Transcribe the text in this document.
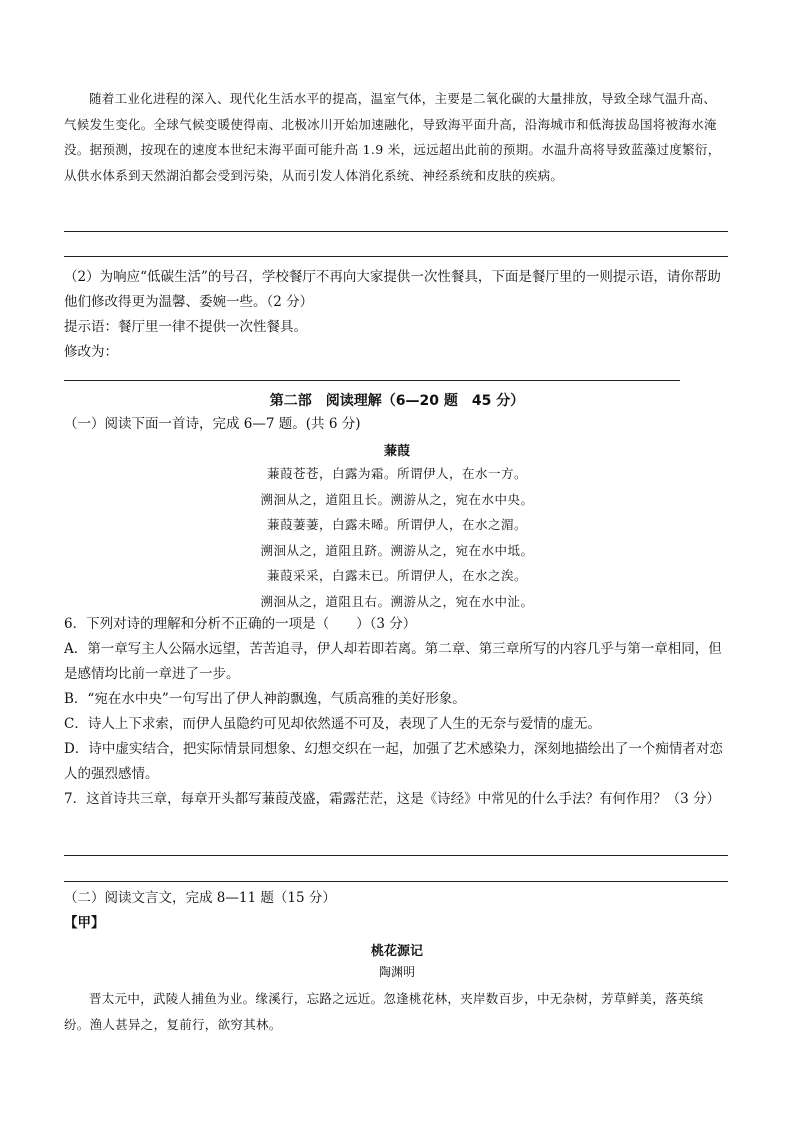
随着工业化进程的深入、现代化生活水平的提高，温室气体，主要是二氧化碳的大量排放，导致全球气温升高、气候发生变化。全球气候变暖使得南、北极冰川开始加速融化，导致海平面升高，沿海城市和低海拔岛国将被海水淹没。据预测，按现在的速度本世纪末海平面可能升高 1.9 米，远远超出此前的预期。水温升高将导致蓝藻过度繁衍，从供水体系到天然湖泊都会受到污染，从而引发人体消化系统、神经系统和皮肤的疾病。
（2）为响应“低碳生活”的号召，学校餐厅不再向大家提供一次性餐具，下面是餐厅里的一则提示语，请你帮助他们修改得更为温馨、委婉一些。（2 分）
提示语：餐厅里一律不提供一次性餐具。
修改为：
第二部　阅读理解（6—20 题　45 分）
（一）阅读下面一首诗，完成 6—7 题。(共 6 分)
蒹葭
蒹葭苍苍，白露为霜。所谓伊人，在水一方。
溯洄从之，道阻且长。溯游从之，宛在水中央。
蒹葭萋萋，白露未晞。所谓伊人，在水之湄。
溯洄从之，道阻且跻。溯游从之，宛在水中坻。
蒹葭采采，白露未已。所谓伊人，在水之涘。
溯洄从之，道阻且右。溯游从之，宛在水中沚。
6．下列对诗的理解和分析不正确的一项是（　　）（3 分）
A．第一章写主人公隔水远望，苦苦追寻，伊人却若即若离。第二章、第三章所写的内容几乎与第一章相同，但是感情均比前一章进了一步。
B．“宛在水中央”一句写出了伊人神韵飘逸，气质高雅的美好形象。
C．诗人上下求索，而伊人虽隐约可见却依然遥不可及，表现了人生的无奈与爱情的虚无。
D．诗中虚实结合，把实际情景同想象、幻想交织在一起，加强了艺术感染力，深刻地描绘出了一个痴情者对恋人的强烈感情。
7．这首诗共三章，每章开头都写蒹葭茂盛，霜露茫茫，这是《诗经》中常见的什么手法？有何作用？（3 分）
（二）阅读文言文，完成 8—11 题（15 分）
【甲】
桃花源记
陶渊明
晋太元中，武陵人捕鱼为业。缘溪行，忘路之远近。忽逢桃花林，夹岸数百步，中无杂树，芳草鲜美，落英缤纷。渔人甚异之，复前行，欲穷其林。
